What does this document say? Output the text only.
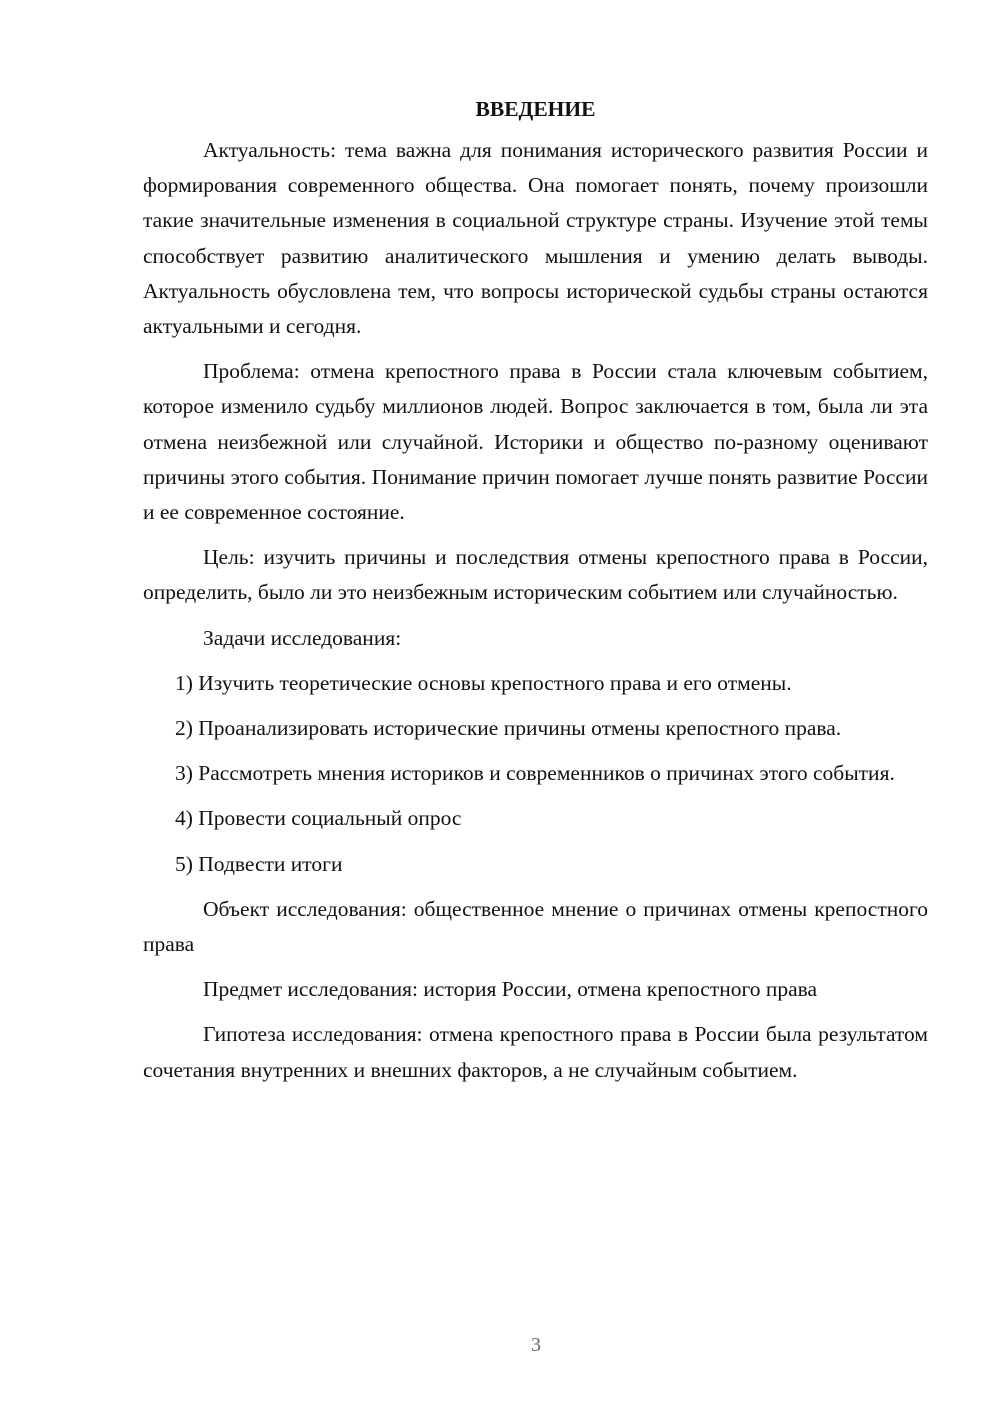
ВВЕДЕНИЕ

Актуальность: тема важна для понимания исторического развития России и формирования современного общества. Она помогает понять, почему произошли такие значительные изменения в социальной структуре страны. Изучение этой темы способствует развитию аналитического мышления и умению делать выводы. Актуальность обусловлена тем, что вопросы исторической судьбы страны остаются актуальными и сегодня.

Проблема: отмена крепостного права в России стала ключевым событием, которое изменило судьбу миллионов людей. Вопрос заключается в том, была ли эта отмена неизбежной или случайной. Историки и общество по-разному оценивают причины этого события. Понимание причин помогает лучше понять развитие России и ее современное состояние.

Цель: изучить причины и последствия отмены крепостного права в России, определить, было ли это неизбежным историческим событием или случайностью.

Задачи исследования:

1) Изучить теоретические основы крепостного права и его отмены.

2) Проанализировать исторические причины отмены крепостного права.

3) Рассмотреть мнения историков и современников о причинах этого события.

4) Провести социальный опрос

5) Подвести итоги

Объект исследования: общественное мнение о причинах отмены крепостного права

Предмет исследования: история России, отмена крепостного права

Гипотеза исследования: отмена крепостного права в России была результатом сочетания внутренних и внешних факторов, а не случайным событием.

3
